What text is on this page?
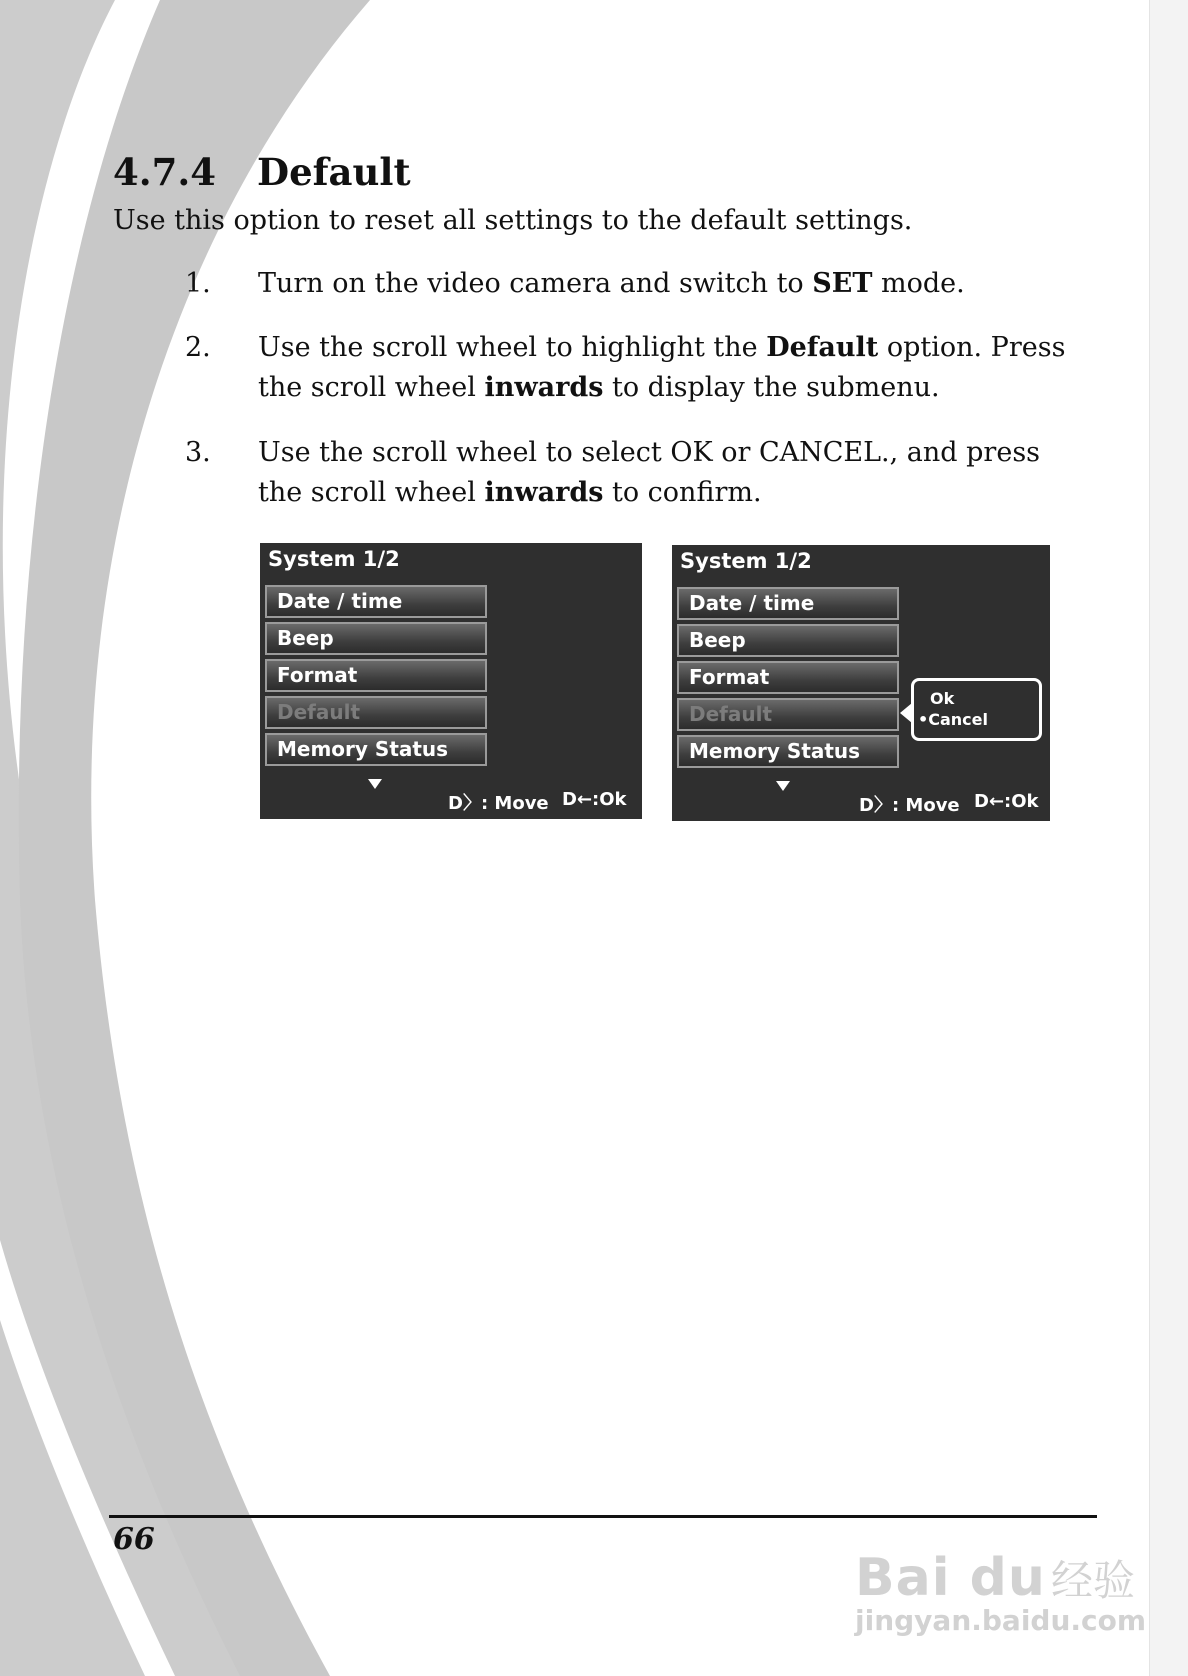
4.7.4 Default
Use this option to reset all settings to the default settings.
1. Turn on the video camera and switch to SET mode.
2. Use the scroll wheel to highlight the Default option. Press the scroll wheel inwards to display the submenu.
3. Use the scroll wheel to select OK or CANCEL., and press the scroll wheel inwards to confirm.
System 1/2
Date / time
Beep
Format
Default
Memory Status
D〉: Move D←:Ok
System 1/2
Date / time
Beep
Format
Default
Memory Status
Ok
•Cancel
D〉: Move D←:Ok
66
Bai du 经验
jingyan.baidu.com
